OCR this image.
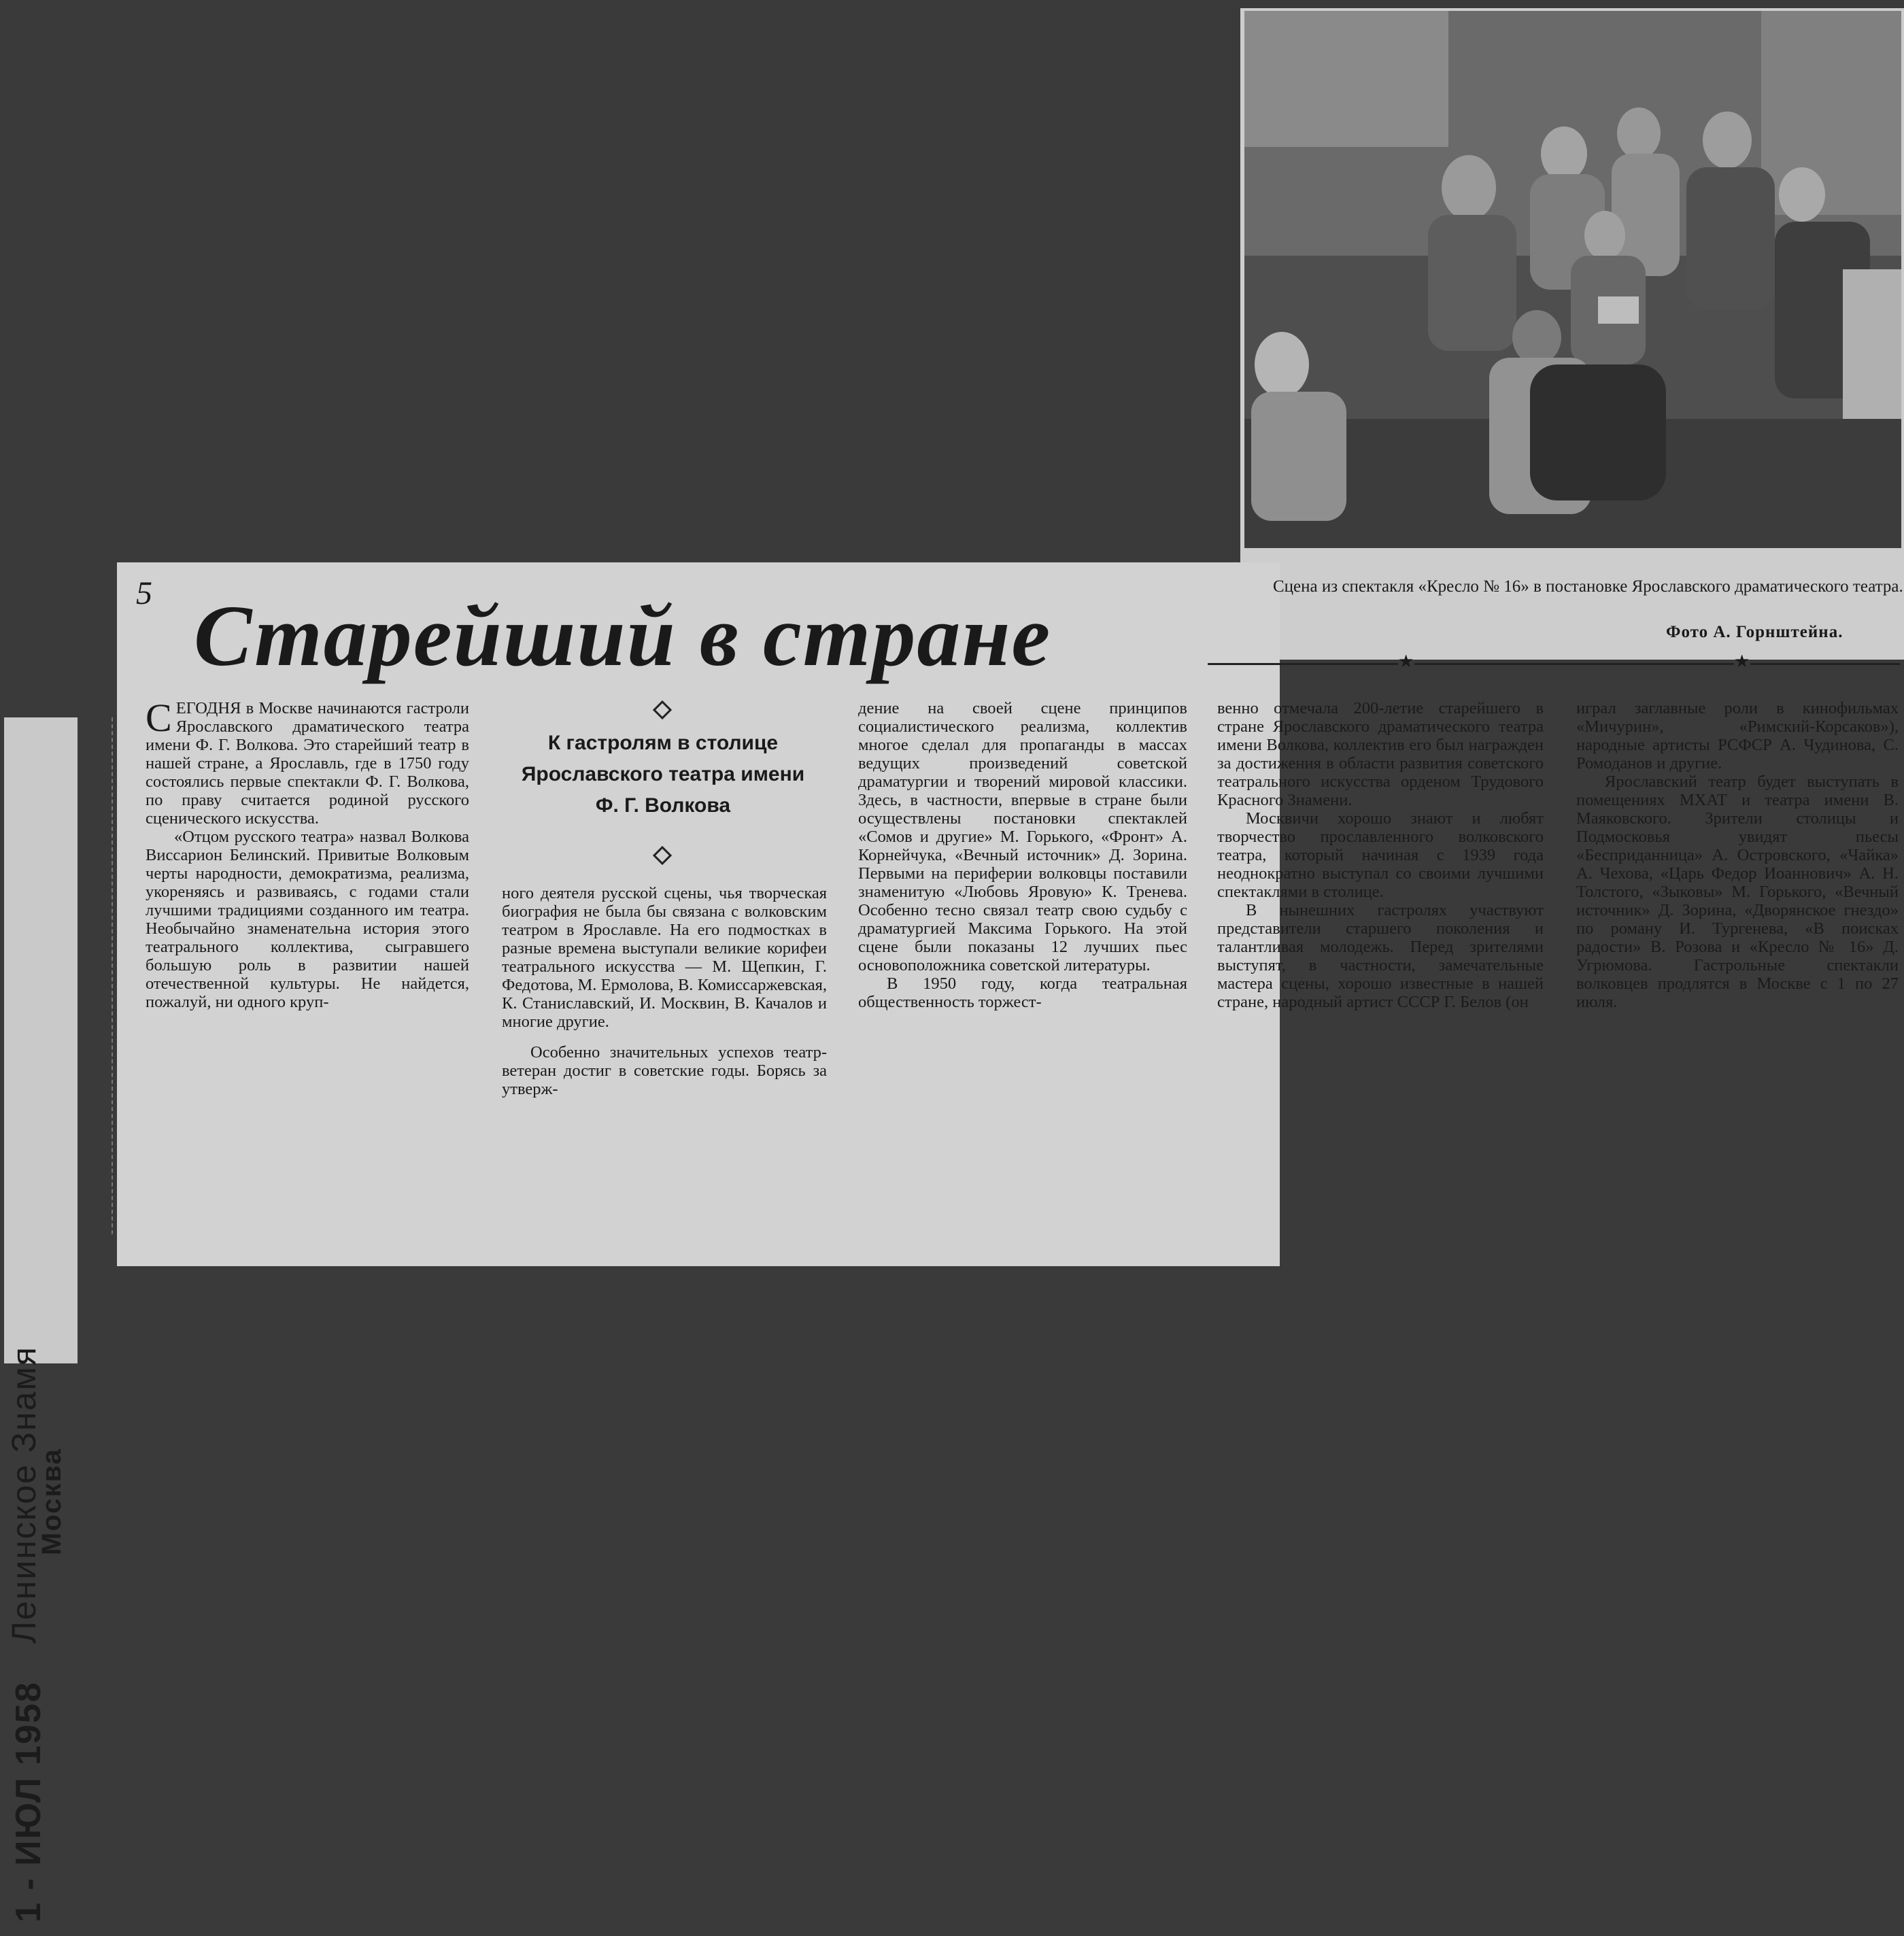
Сцена из спектакля «Кресло № 16» в постановке Ярославского драматического театра.
Фото А. Горнштейна.
★	★
1 - ИЮЛ 1958
Ленинское Знамя
Москва
5 Старейший в стране

СЕГОДНЯ в Москве начинаются гастроли Ярославского драматического театра имени Ф. Г. Волкова. Это старейший театр в нашей стране, а Ярославль, где в 1750 году состоялись первые спектакли Ф. Г. Волкова, по праву считается родиной русского сценического искусства.

«Отцом русского театра» назвал Волкова Виссарион Белинский. Привитые Волковым черты народности, демократизма, реализма, укореняясь и развиваясь, с годами стали лучшими традициями созданного им театра. Необычайно знаменательна история этого театрального коллектива, сыгравшего большую роль в развитии нашей отечественной культуры. Не найдется, пожалуй, ни одного круп-

К гастролям в столице Ярославского театра имени Ф. Г. Волкова

ного деятеля русской сцены, чья творческая биография не была бы связана с волковским театром в Ярославле. На его подмостках в разные времена выступали великие корифеи театрального искусства — М. Щепкин, Г. Федотова, М. Ермолова, В. Комиссаржевская, К. Станиславский, И. Москвин, В. Качалов и многие другие.

Особенно значительных успехов театр-ветеран достиг в советские годы. Борясь за утверж-

дение на своей сцене принципов социалистического реализма, коллектив многое сделал для пропаганды в массах ведущих произведений советской драматургии и творений мировой классики. Здесь, в частности, впервые в стране были осуществлены постановки спектаклей «Сомов и другие» М. Горького, «Фронт» А. Корнейчука, «Вечный источник» Д. Зорина. Первыми на периферии волковцы поставили знаменитую «Любовь Яровую» К. Тренева. Особенно тесно связал театр свою судьбу с драматургией Максима Горького. На этой сцене были показаны 12 лучших пьес основоположника советской литературы.

В 1950 году, когда театральная общественность торжест-

венно отмечала 200-летие старейшего в стране Ярославского драматического театра имени Волкова, коллектив его был награжден за достижения в области развития советского театрального искусства орденом Трудового Красного Знамени.

Москвичи хорошо знают и любят творчество прославленного волковского театра, который начиная с 1939 года неоднократно выступал со своими лучшими спектаклями в столице.

В нынешних гастролях участвуют представители старшего поколения и талантливая молодежь. Перед зрителями выступят, в частности, замечательные мастера сцены, хорошо известные в нашей стране, народный артист СССР Г. Белов (он

играл заглавные роли в кинофильмах «Мичурин», «Римский-Корсаков»), народные артисты РСФСР А. Чудинова, С. Ромоданов и другие.

Ярославский театр будет выступать в помещениях МХАТ и театра имени В. Маяковского. Зрители столицы и Подмосковья увидят пьесы «Бесприданница» А. Островского, «Чайка» А. Чехова, «Царь Федор Иоаннович» А. Н. Толстого, «Зыковы» М. Горького, «Вечный источник» Д. Зорина, «Дворянское гнездо» по роману И. Тургенева, «В поисках радости» В. Розова и «Кресло № 16» Д. Угрюмова. Гастрольные спектакли волковцев продлятся в Москве с 1 по 27 июля.
